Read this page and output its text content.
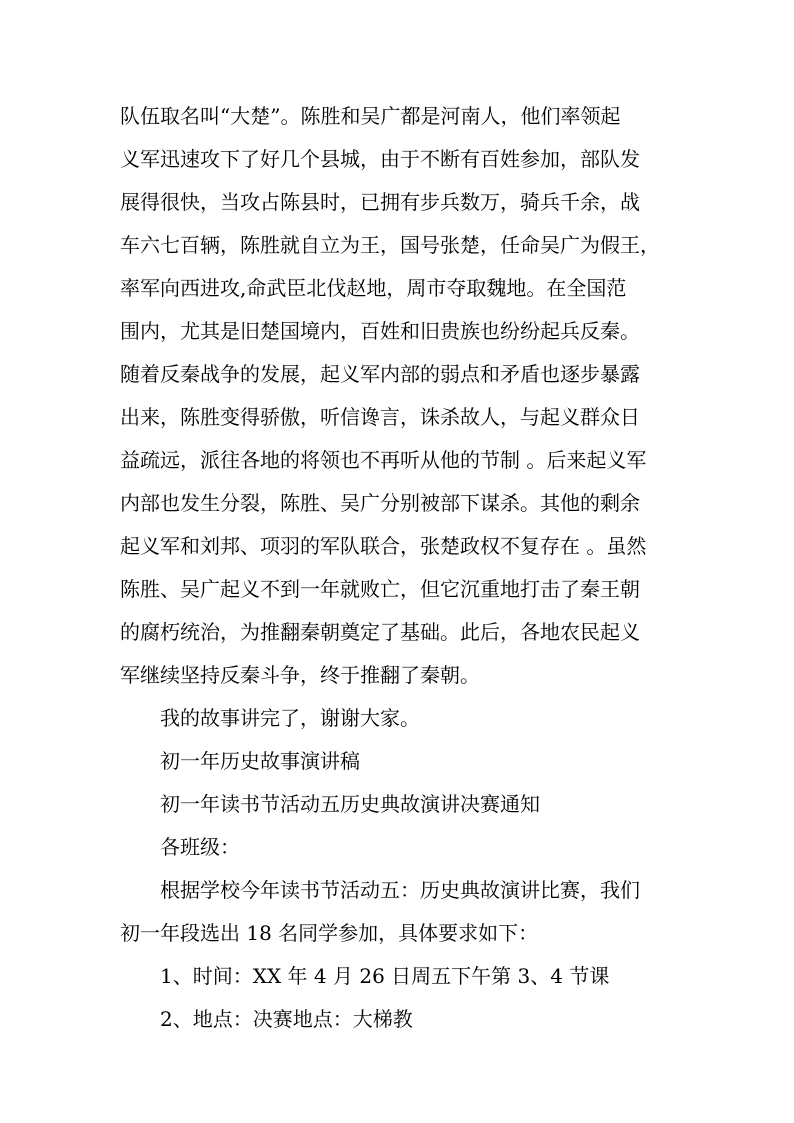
队伍取名叫“大楚”。陈胜和吴广都是河南人，他们率领起
义军迅速攻下了好几个县城，由于不断有百姓参加，部队发
展得很快，当攻占陈县时，已拥有步兵数万，骑兵千余，战
车六七百辆，陈胜就自立为王，国号张楚，任命吴广为假王，
率军向西进攻,命武臣北伐赵地，周市夺取魏地。在全国范
围内，尤其是旧楚国境内，百姓和旧贵族也纷纷起兵反秦。
随着反秦战争的发展，起义军内部的弱点和矛盾也逐步暴露
出来，陈胜变得骄傲，听信谗言，诛杀故人，与起义群众日
益疏远，派往各地的将领也不再听从他的节制 。后来起义军
内部也发生分裂，陈胜、吴广分别被部下谋杀。其他的剩余
起义军和刘邦、项羽的军队联合，张楚政权不复存在 。虽然
陈胜、吴广起义不到一年就败亡，但它沉重地打击了秦王朝
的腐朽统治，为推翻秦朝奠定了基础。此后，各地农民起义
军继续坚持反秦斗争，终于推翻了秦朝。
我的故事讲完了，谢谢大家。
初一年历史故事演讲稿
初一年读书节活动五历史典故演讲决赛通知
各班级：
根据学校今年读书节活动五：历史典故演讲比赛，我们
初一年段选出 18 名同学参加，具体要求如下：
1、时间：XX 年 4 月 26 日周五下午第 3、4 节课
2、地点：决赛地点：大梯教
